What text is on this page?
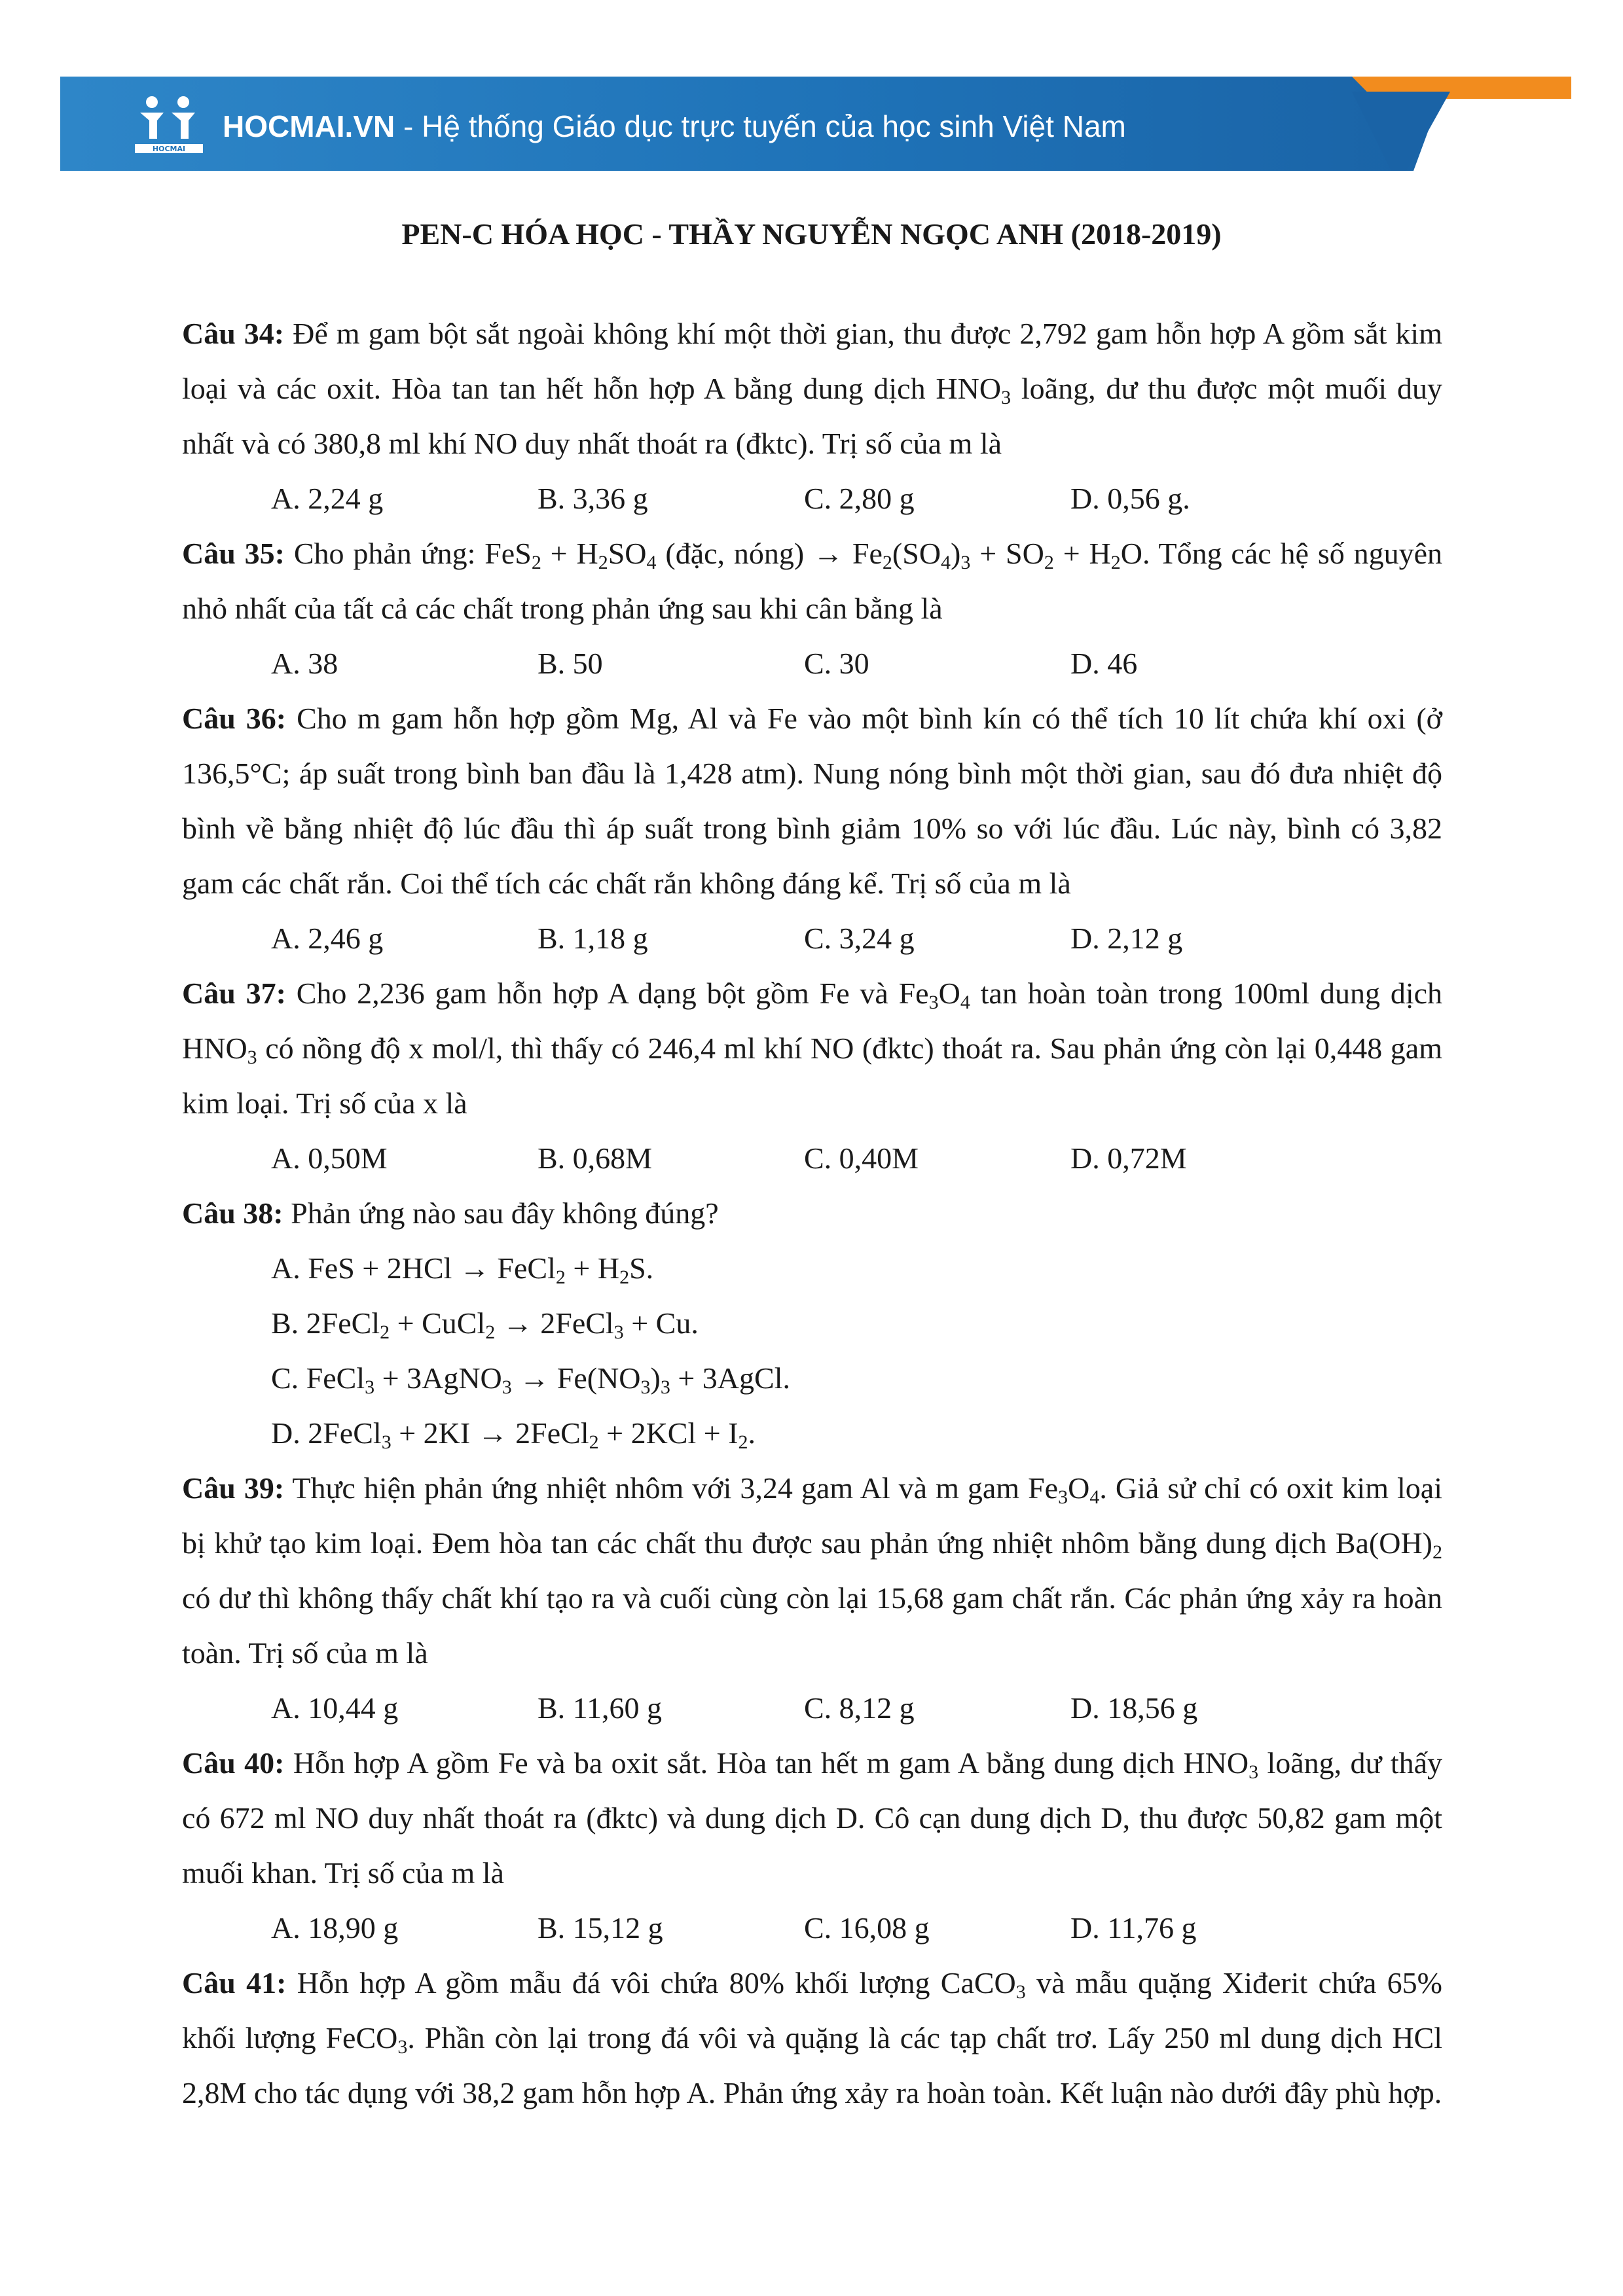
HOCMAI
HOCMAI.VN - Hệ thống Giáo dục trực tuyến của học sinh Việt Nam
PEN-C HÓA HỌC - THẦY NGUYỄN NGỌC ANH (2018-2019)

Câu 34: Để m gam bột sắt ngoài không khí một thời gian, thu được 2,792 gam hỗn hợp A gồm sắt kim loại và các oxit. Hòa tan tan hết hỗn hợp A bằng dung dịch $HNO_3$ loãng, dư thu được một muối duy nhất và có 380,8 ml khí NO duy nhất thoát ra (đktc). Trị số của m là

A. 2,24 g	B. 3,36 g	C. 2,80 g	D. 0,56 g.

Câu 35: Cho phản ứng: $FeS_2 + H_2SO_4$ (đặc, nóng) → $Fe_2(SO_4)_3 + SO_2 + H_2O$. Tổng các hệ số nguyên nhỏ nhất của tất cả các chất trong phản ứng sau khi cân bằng là

A. 38	B. 50	C. 30	D. 46

Câu 36: Cho m gam hỗn hợp gồm Mg, Al và Fe vào một bình kín có thể tích 10 lít chứa khí oxi (ở 136,5°C; áp suất trong bình ban đầu là 1,428 atm). Nung nóng bình một thời gian, sau đó đưa nhiệt độ bình về bằng nhiệt độ lúc đầu thì áp suất trong bình giảm 10% so với lúc đầu. Lúc này, bình có 3,82 gam các chất rắn. Coi thể tích các chất rắn không đáng kể. Trị số của m là

A. 2,46 g	B. 1,18 g	C. 3,24 g	D. 2,12 g

Câu 37: Cho 2,236 gam hỗn hợp A dạng bột gồm Fe và $Fe_3O_4$ tan hoàn toàn trong 100ml dung dịch $HNO_3$ có nồng độ x mol/l, thì thấy có 246,4 ml khí NO (đktc) thoát ra. Sau phản ứng còn lại 0,448 gam kim loại. Trị số của x là

A. 0,50M	B. 0,68M	C. 0,40M	D. 0,72M

Câu 38: Phản ứng nào sau đây không đúng?

A. FeS + 2HCl → FeCl$_2$ + $H_2S$.
B. 2FeCl$_2$ + CuCl$_2$ → 2FeCl$_3$ + Cu.
C. FeCl$_3$ + 3AgNO$_3$ → $Fe(NO_3)_3$ + 3AgCl.
D. 2FeCl$_3$ + 2KI → 2FeCl$_2$ + $2KCl + I_2$.

Câu 39: Thực hiện phản ứng nhiệt nhôm với 3,24 gam Al và m gam $Fe_3O_4$. Giả sử chỉ có oxit kim loại bị khử tạo kim loại. Đem hòa tan các chất thu được sau phản ứng nhiệt nhôm bằng dung dịch $Ba(OH)_2$ có dư thì không thấy chất khí tạo ra và cuối cùng còn lại 15,68 gam chất rắn. Các phản ứng xảy ra hoàn toàn. Trị số của m là

A. 10,44 g	B. 11,60 g	C. 8,12 g	D. 18,56 g

Câu 40: Hỗn hợp A gồm Fe và ba oxit sắt. Hòa tan hết m gam A bằng dung dịch $HNO_3$ loãng, dư thấy có 672 ml NO duy nhất thoát ra (đktc) và dung dịch D. Cô cạn dung dịch D, thu được 50,82 gam một muối khan. Trị số của m là

A. 18,90 g	B. 15,12 g	C. 16,08 g	D. 11,76 g

Câu 41: Hỗn hợp A gồm mẫu đá vôi chứa 80% khối lượng CaCO$_3$ và mẫu quặng Xiđerit chứa 65% khối lượng FeCO$_3$. Phần còn lại trong đá vôi và quặng là các tạp chất trơ. Lấy 250 ml dung dịch HCl 2,8M cho tác dụng với 38,2 gam hỗn hợp A. Phản ứng xảy ra hoàn toàn. Kết luận nào dưới đây phù hợp.
